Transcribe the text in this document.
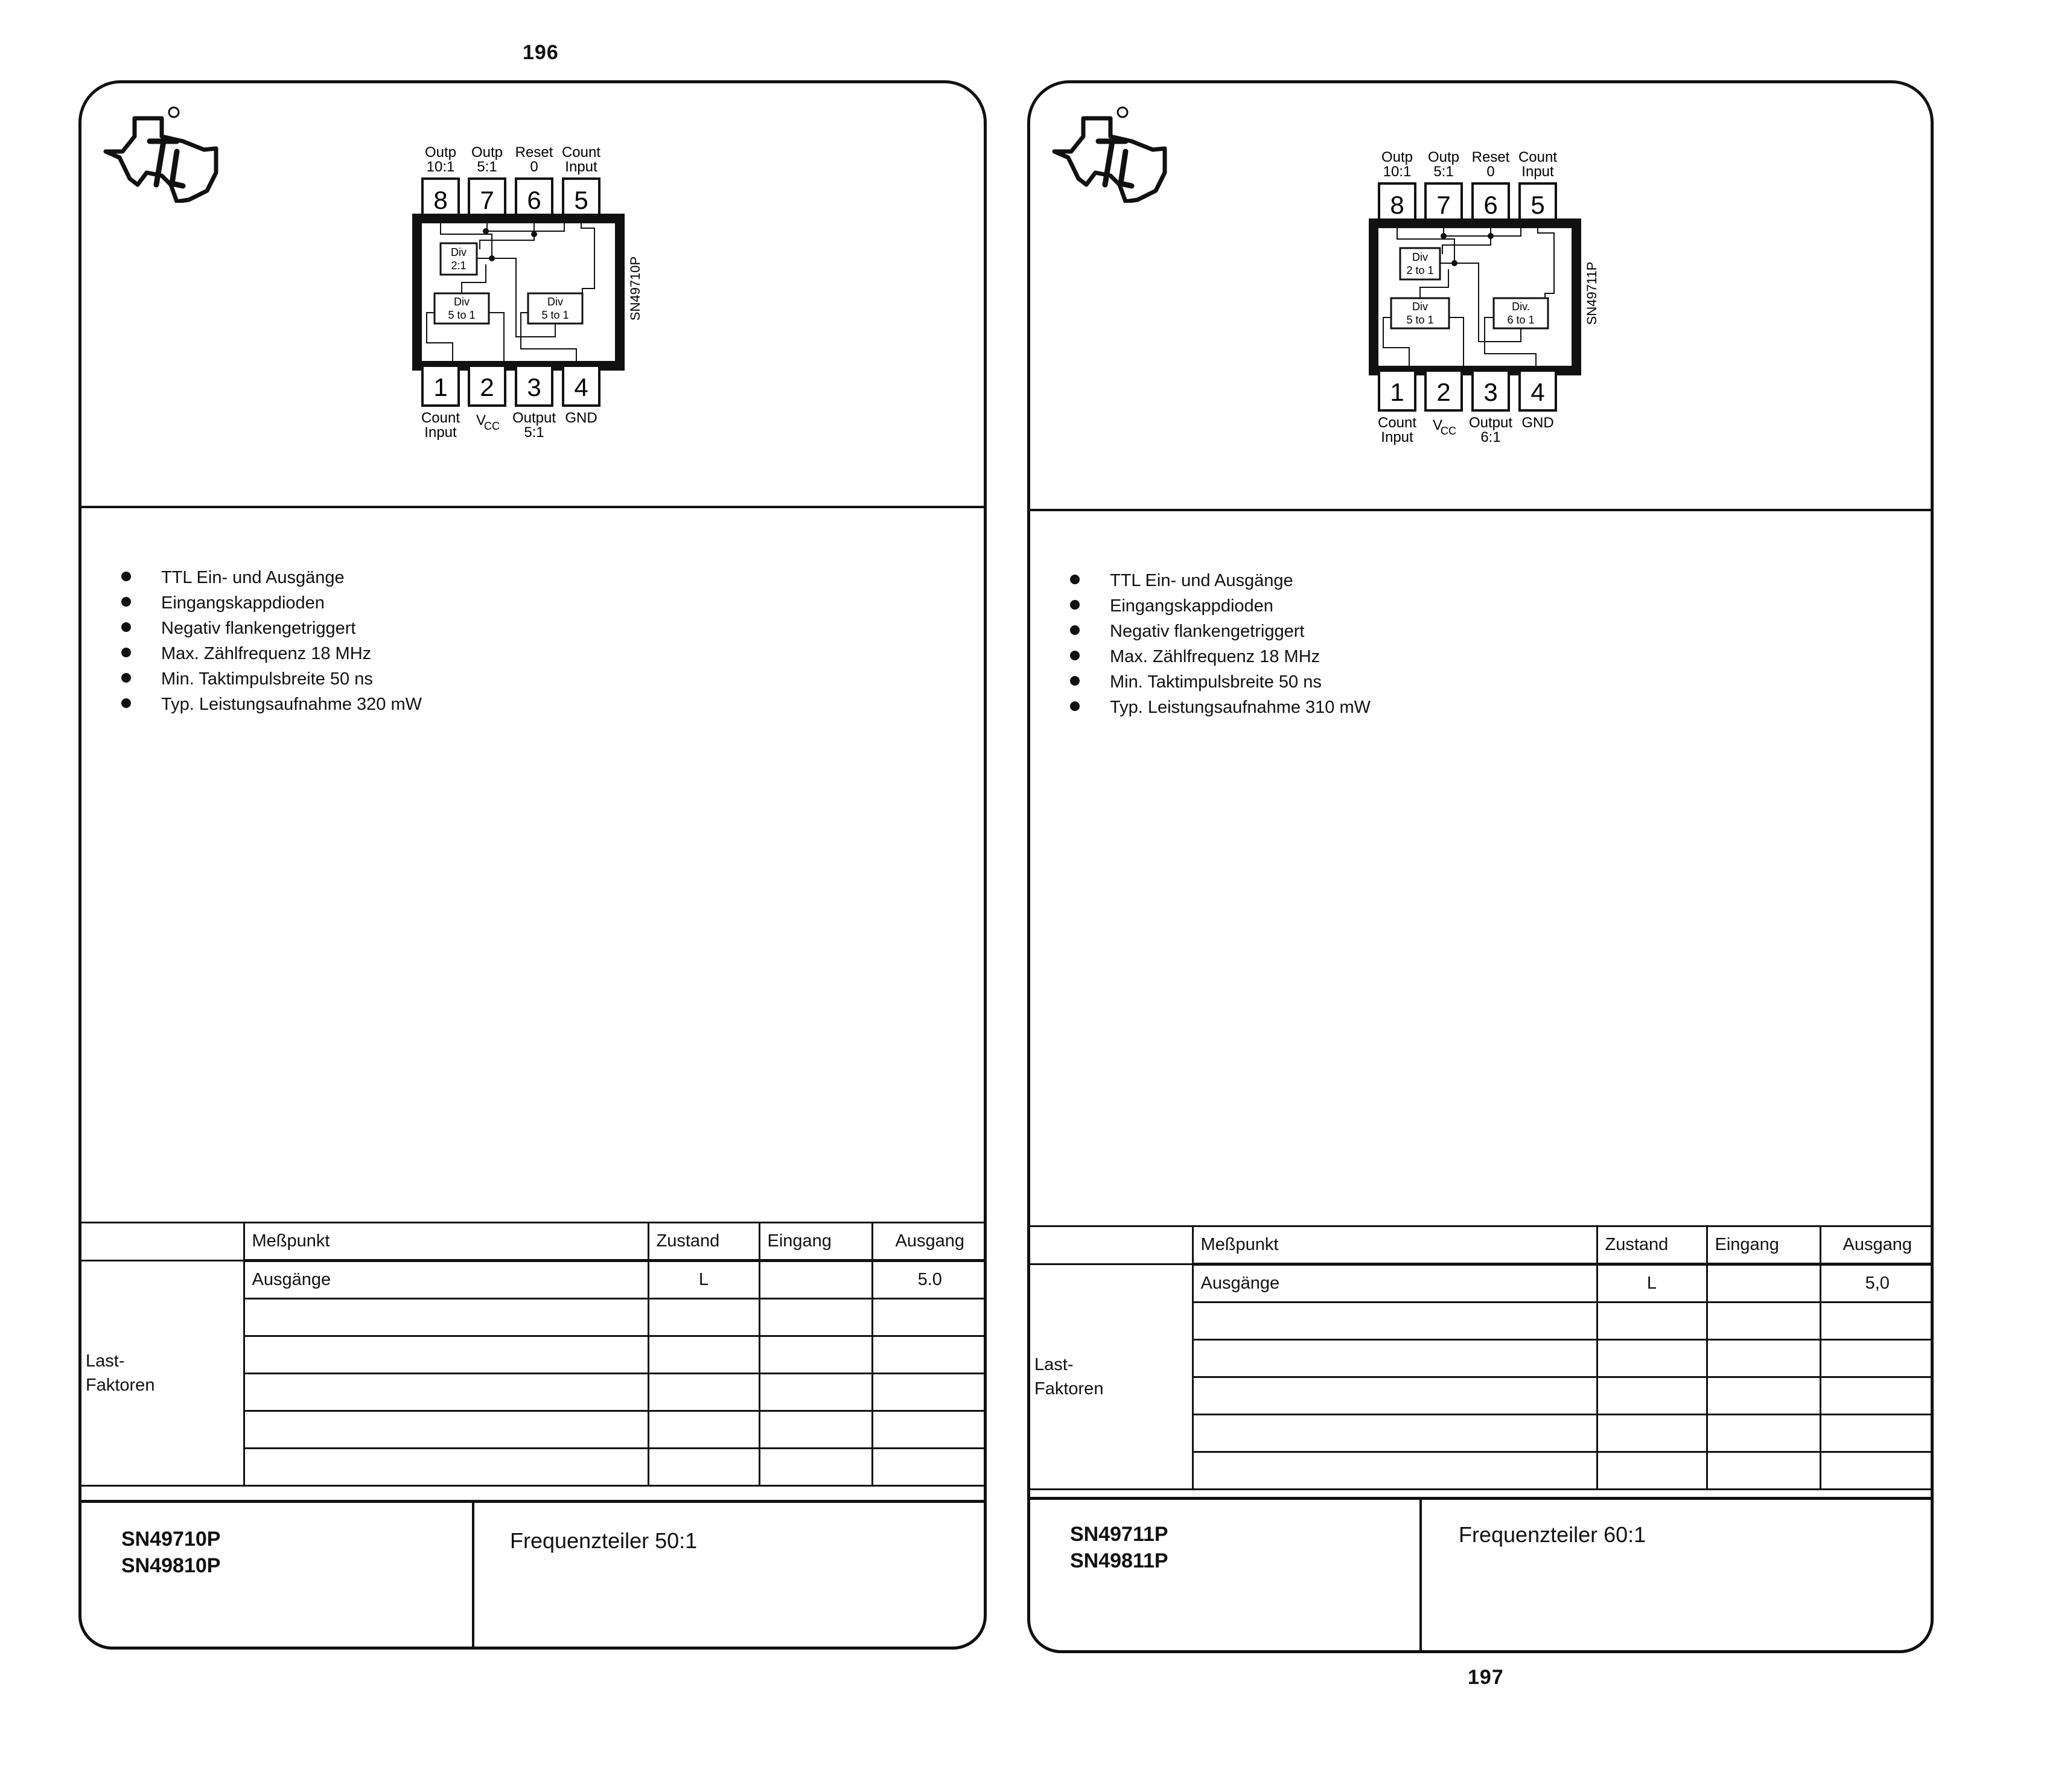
196
197
Outp
10:1
Outp
5:1
Reset
0
Count
Input
8 7 6 5
Div
2:1
Div
5 to 1
Div
5 to 1	SN49710P
1 2 3 4
Count
Input
V
CC Output
5:1
GND
TTL Ein- und Ausgänge
Eingangskappdioden
Negativ flankengetriggert
Max. Zählfrequenz 18 MHz
Min. Taktimpulsbreite 50 ns
Typ. Leistungsaufnahme 320 mW
	Meßpunkt	Zustand	Eingang	Ausgang
Last-
Faktoren	Ausgänge	L		5.0

SN49710P
SN49810P
Frequenzteiler 50:1
Outp
10:1
Outp
5:1
Reset
0
Count
Input
8 7 6 5
Div
2 to 1
Div
5 to 1
Div.
6 to 1	SN49711P
1 2 3 4
Count
Input
V
CC Output
6:1
GND
TTL Ein- und Ausgänge
Eingangskappdioden
Negativ flankengetriggert
Max. Zählfrequenz 18 MHz
Min. Taktimpulsbreite 50 ns
Typ. Leistungsaufnahme 310 mW
	Meßpunkt	Zustand	Eingang	Ausgang
Last-
Faktoren	Ausgänge	L		5,0

SN49711P
SN49811P
Frequenzteiler 60:1
